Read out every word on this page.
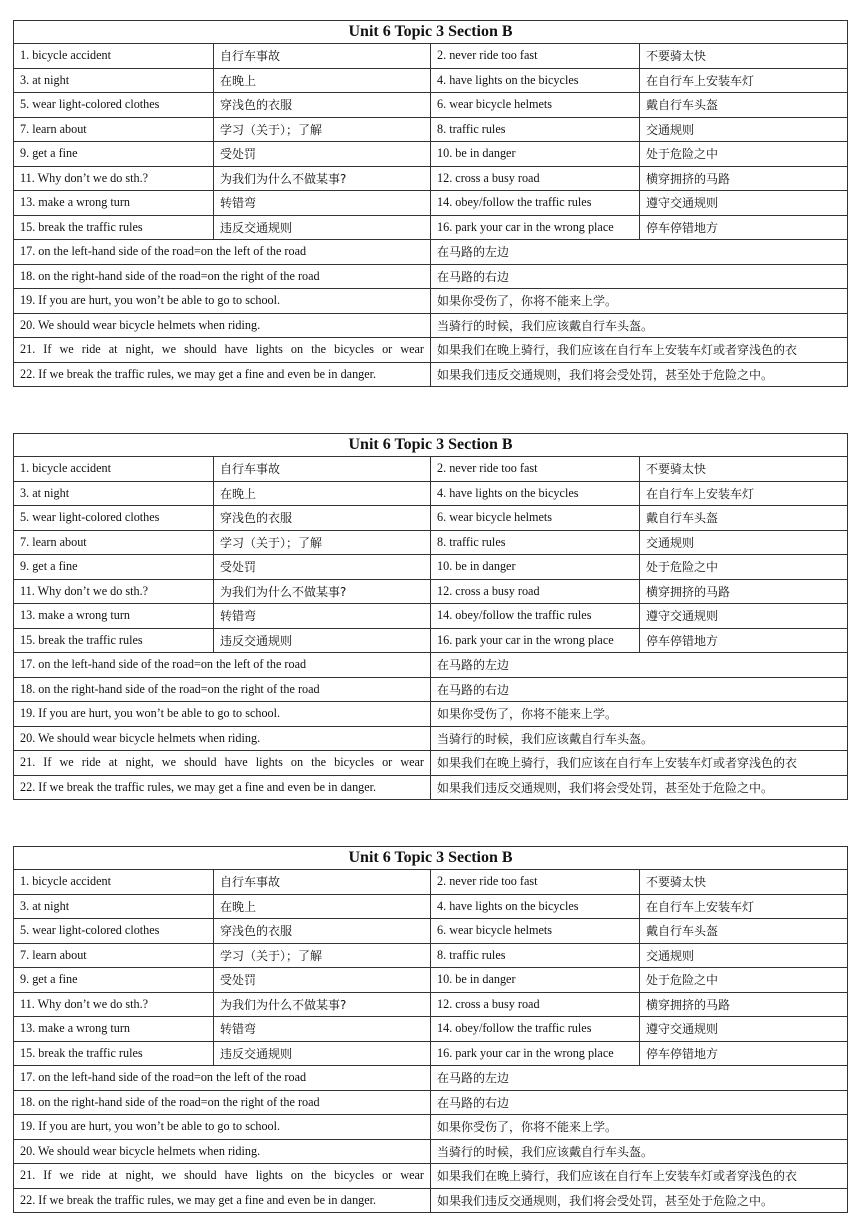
Unit 6 Topic 3 Section B			
1. bicycle accident	自行车事故	2. never ride too fast	不要骑太快
3. at night	在晚上	4. have lights on the bicycles	在自行车上安装车灯
5. wear light-colored clothes	穿浅色的衣服	6. wear bicycle helmets	戴自行车头盔
7. learn about	学习（关于）；了解	8. traffic rules	交通规则
9. get a fine	受处罚	10. be in danger	处于危险之中
11. Why don’t we do sth.?	为我们为什么不做某事?	12. cross a busy road	横穿拥挤的马路
13. make a wrong turn	转错弯	14. obey/follow the traffic rules	遵守交通规则
15. break the traffic rules	违反交通规则	16. park your car in the wrong place	停车停错地方
17. on the left-hand side of the road=on the left of the road		在马路的左边	
18. on the right-hand side of the road=on the right of the road		在马路的右边	
19. If you are hurt, you won’t be able to go to school.		如果你受伤了，你将不能来上学。	
20. We should wear bicycle helmets when riding.		当骑行的时候，我们应该戴自行车头盔。	
21. If we ride at night, we should have lights on the bicycles or wear		如果我们在晚上骑行，我们应该在自行车上安装车灯或者穿浅色的衣	
22. If we break the traffic rules, we may get a fine and even be in danger.		如果我们违反交通规则，我们将会受处罚，甚至处于危险之中。	
Unit 6 Topic 3 Section B			
1. bicycle accident	自行车事故	2. never ride too fast	不要骑太快
3. at night	在晚上	4. have lights on the bicycles	在自行车上安装车灯
5. wear light-colored clothes	穿浅色的衣服	6. wear bicycle helmets	戴自行车头盔
7. learn about	学习（关于）；了解	8. traffic rules	交通规则
9. get a fine	受处罚	10. be in danger	处于危险之中
11. Why don’t we do sth.?	为我们为什么不做某事?	12. cross a busy road	横穿拥挤的马路
13. make a wrong turn	转错弯	14. obey/follow the traffic rules	遵守交通规则
15. break the traffic rules	违反交通规则	16. park your car in the wrong place	停车停错地方
17. on the left-hand side of the road=on the left of the road		在马路的左边	
18. on the right-hand side of the road=on the right of the road		在马路的右边	
19. If you are hurt, you won’t be able to go to school.		如果你受伤了，你将不能来上学。	
20. We should wear bicycle helmets when riding.		当骑行的时候，我们应该戴自行车头盔。	
21. If we ride at night, we should have lights on the bicycles or wear		如果我们在晚上骑行，我们应该在自行车上安装车灯或者穿浅色的衣	
22. If we break the traffic rules, we may get a fine and even be in danger.		如果我们违反交通规则，我们将会受处罚，甚至处于危险之中。	
Unit 6 Topic 3 Section B			
1. bicycle accident	自行车事故	2. never ride too fast	不要骑太快
3. at night	在晚上	4. have lights on the bicycles	在自行车上安装车灯
5. wear light-colored clothes	穿浅色的衣服	6. wear bicycle helmets	戴自行车头盔
7. learn about	学习（关于）；了解	8. traffic rules	交通规则
9. get a fine	受处罚	10. be in danger	处于危险之中
11. Why don’t we do sth.?	为我们为什么不做某事?	12. cross a busy road	横穿拥挤的马路
13. make a wrong turn	转错弯	14. obey/follow the traffic rules	遵守交通规则
15. break the traffic rules	违反交通规则	16. park your car in the wrong place	停车停错地方
17. on the left-hand side of the road=on the left of the road		在马路的左边	
18. on the right-hand side of the road=on the right of the road		在马路的右边	
19. If you are hurt, you won’t be able to go to school.		如果你受伤了，你将不能来上学。	
20. We should wear bicycle helmets when riding.		当骑行的时候，我们应该戴自行车头盔。	
21. If we ride at night, we should have lights on the bicycles or wear		如果我们在晚上骑行，我们应该在自行车上安装车灯或者穿浅色的衣	
22. If we break the traffic rules, we may get a fine and even be in danger.		如果我们违反交通规则，我们将会受处罚，甚至处于危险之中。	
